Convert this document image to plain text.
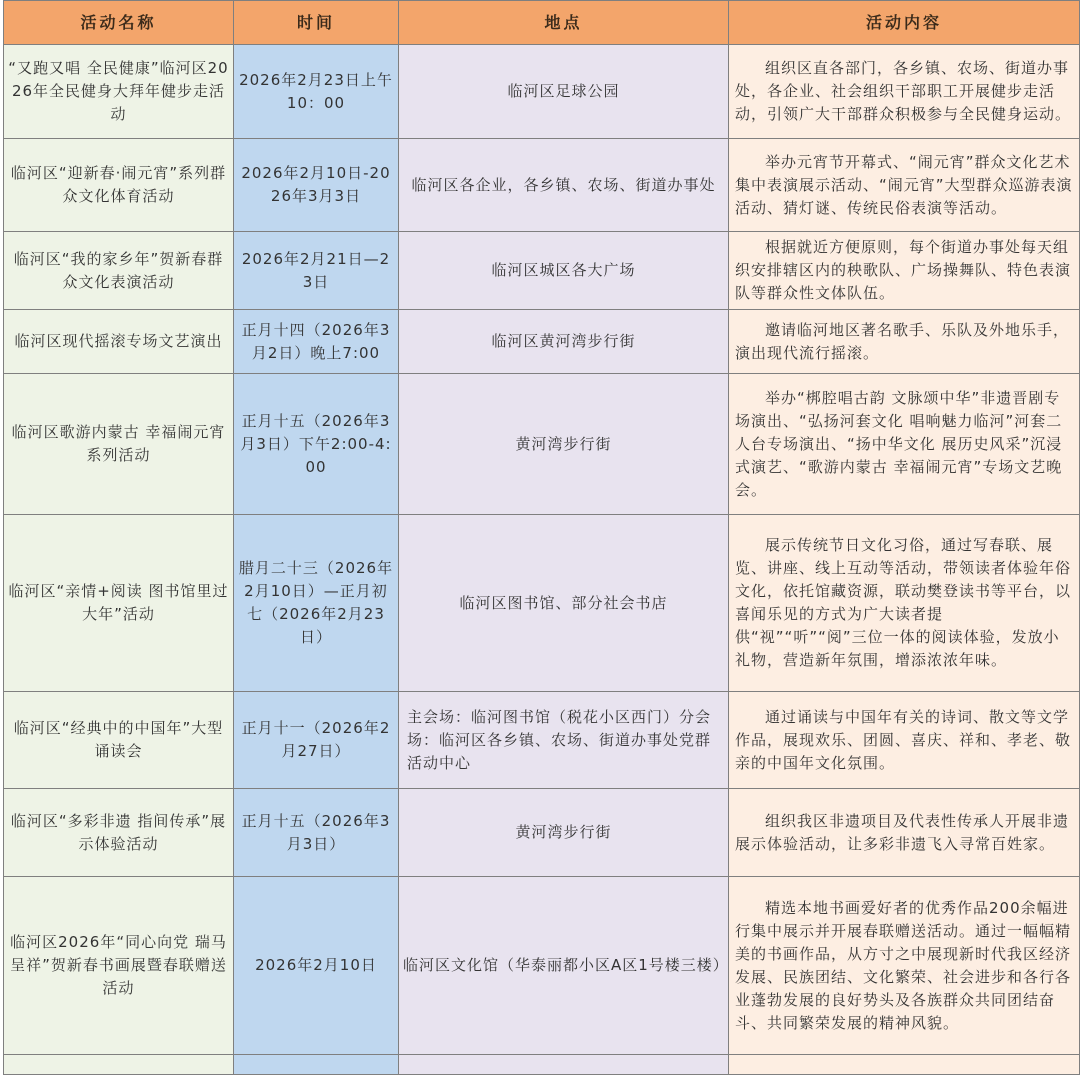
活动名称	时间	地点	活动内容
“又跑又唱 全民健康”临河区2026年全民健身大拜年健步走活动	2026年2月23日上午10：00	临河区足球公园	组织区直各部门，各乡镇、农场、街道办事处，各企业、社会组织干部职工开展健步走活动，引领广大干部群众积极参与全民健身运动。
临河区“迎新春·闹元宵”系列群众文化体育活动	2026年2月10日-2026年3月3日	临河区各企业，各乡镇、农场、街道办事处	举办元宵节开幕式、“闹元宵”群众文化艺术集中表演展示活动、“闹元宵”大型群众巡游表演活动、猜灯谜、传统民俗表演等活动。
临河区“我的家乡年”贺新春群众文化表演活动	2026年2月21日—23日	临河区城区各大广场	根据就近方便原则，每个街道办事处每天组织安排辖区内的秧歌队、广场操舞队、特色表演队等群众性文体队伍。
临河区现代摇滚专场文艺演出	正月十四（2026年3月2日）晚上7:00	临河区黄河湾步行街	邀请临河地区著名歌手、乐队及外地乐手，演出现代流行摇滚。
临河区歌游内蒙古 幸福闹元宵系列活动	正月十五（2026年3月3日）下午2:00-4:00	黄河湾步行街	举办“梆腔唱古韵 文脉颂中华”非遗晋剧专场演出、“弘扬河套文化 唱响魅力临河”河套二人台专场演出、“扬中华文化 展历史风采”沉浸式演艺、“歌游内蒙古 幸福闹元宵”专场文艺晚会。
临河区“亲情+阅读 图书馆里过大年”活动	腊月二十三（2026年2月10日）—正月初七（2026年2月23日）	临河区图书馆、部分社会书店	展示传统节日文化习俗，通过写春联、展览、讲座、线上互动等活动，带领读者体验年俗文化，依托馆藏资源，联动樊登读书等平台，以喜闻乐见的方式为广大读者提供“视”“听”“阅”三位一体的阅读体验，发放小礼物，营造新年氛围，增添浓浓年味。
临河区“经典中的中国年”大型诵读会	正月十一（2026年2月27日）	主会场：临河图书馆（税花小区西门）分会场：临河区各乡镇、农场、街道办事处党群活动中心	通过诵读与中国年有关的诗词、散文等文学作品，展现欢乐、团圆、喜庆、祥和、孝老、敬亲的中国年文化氛围。
临河区“多彩非遗 指间传承”展示体验活动	正月十五（2026年3月3日）	黄河湾步行街	组织我区非遗项目及代表性传承人开展非遗展示体验活动，让多彩非遗飞入寻常百姓家。
临河区2026年“同心向党 瑞马呈祥”贺新春书画展暨春联赠送活动	2026年2月10日	临河区文化馆（华泰丽都小区A区1号楼三楼）	精选本地书画爱好者的优秀作品200余幅进行集中展示并开展春联赠送活动。通过一幅幅精美的书画作品，从方寸之中展现新时代我区经济发展、民族团结、文化繁荣、社会进步和各行各业蓬勃发展的良好势头及各族群众共同团结奋斗、共同繁荣发展的精神风貌。
